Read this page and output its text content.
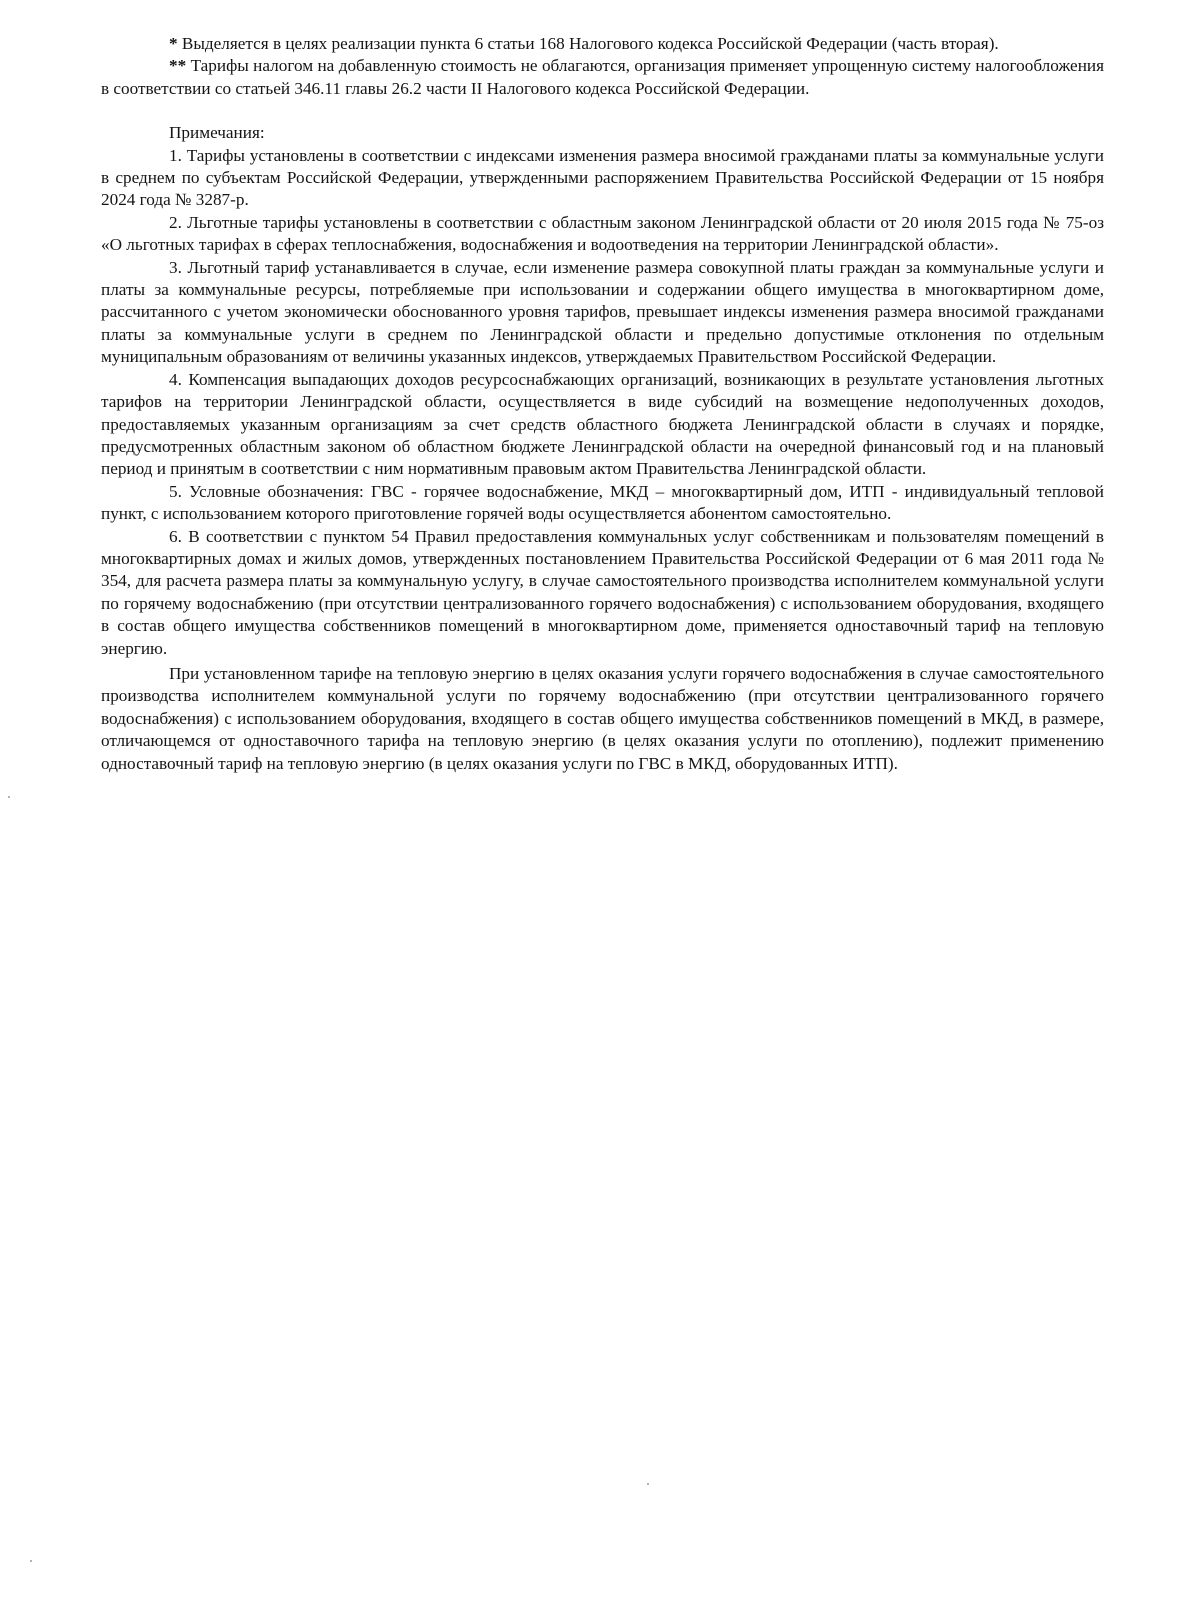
* Выделяется в целях реализации пункта 6 статьи 168 Налогового кодекса Российской Федерации (часть вторая).

** Тарифы налогом на добавленную стоимость не облагаются, организация применяет упрощенную систему налогообложения в соответствии со статьей 346.11 главы 26.2 части II Налогового кодекса Российской Федерации.

Примечания:

1. Тарифы установлены в соответствии с индексами изменения размера вносимой гражданами платы за коммунальные услуги в среднем по субъектам Российской Федерации, утвержденными распоряжением Правительства Российской Федерации от 15 ноября 2024 года № 3287-р.

2. Льготные тарифы установлены в соответствии с областным законом Ленинградской области от 20 июля 2015 года № 75-оз «О льготных тарифах в сферах теплоснабжения, водоснабжения и водоотведения на территории Ленинградской области».

3. Льготный тариф устанавливается в случае, если изменение размера совокупной платы граждан за коммунальные услуги и платы за коммунальные ресурсы, потребляемые при использовании и содержании общего имущества в многоквартирном доме, рассчитанного с учетом экономически обоснованного уровня тарифов, превышает индексы изменения размера вносимой гражданами платы за коммунальные услуги в среднем по Ленинградской области и предельно допустимые отклонения по отдельным муниципальным образованиям от величины указанных индексов, утверждаемых Правительством Российской Федерации.

4. Компенсация выпадающих доходов ресурсоснабжающих организаций, возникающих в результате установления льготных тарифов на территории Ленинградской области, осуществляется в виде субсидий на возмещение недополученных доходов, предоставляемых указанным организациям за счет средств областного бюджета Ленинградской области в случаях и порядке, предусмотренных областным законом об областном бюджете Ленинградской области на очередной финансовый год и на плановый период и принятым в соответствии с ним нормативным правовым актом Правительства Ленинградской области.

5. Условные обозначения: ГВС - горячее водоснабжение, МКД – многоквартирный дом, ИТП - индивидуальный тепловой пункт, с использованием которого приготовление горячей воды осуществляется абонентом самостоятельно.

6. В соответствии с пунктом 54 Правил предоставления коммунальных услуг собственникам и пользователям помещений в многоквартирных домах и жилых домов, утвержденных постановлением Правительства Российской Федерации от 6 мая 2011 года № 354, для расчета размера платы за коммунальную услугу, в случае самостоятельного производства исполнителем коммунальной услуги по горячему водоснабжению (при отсутствии централизованного горячего водоснабжения) с использованием оборудования, входящего в состав общего имущества собственников помещений в многоквартирном доме, применяется одноставочный тариф на тепловую энергию.

При установленном тарифе на тепловую энергию в целях оказания услуги горячего водоснабжения в случае самостоятельного производства исполнителем коммунальной услуги по горячему водоснабжению (при отсутствии централизованного горячего водоснабжения) с использованием оборудования, входящего в состав общего имущества собственников помещений в МКД, в размере, отличающемся от одноставочного тарифа на тепловую энергию (в целях оказания услуги по отоплению), подлежит применению одноставочный тариф на тепловую энергию (в целях оказания услуги по ГВС в МКД, оборудованных ИТП).
